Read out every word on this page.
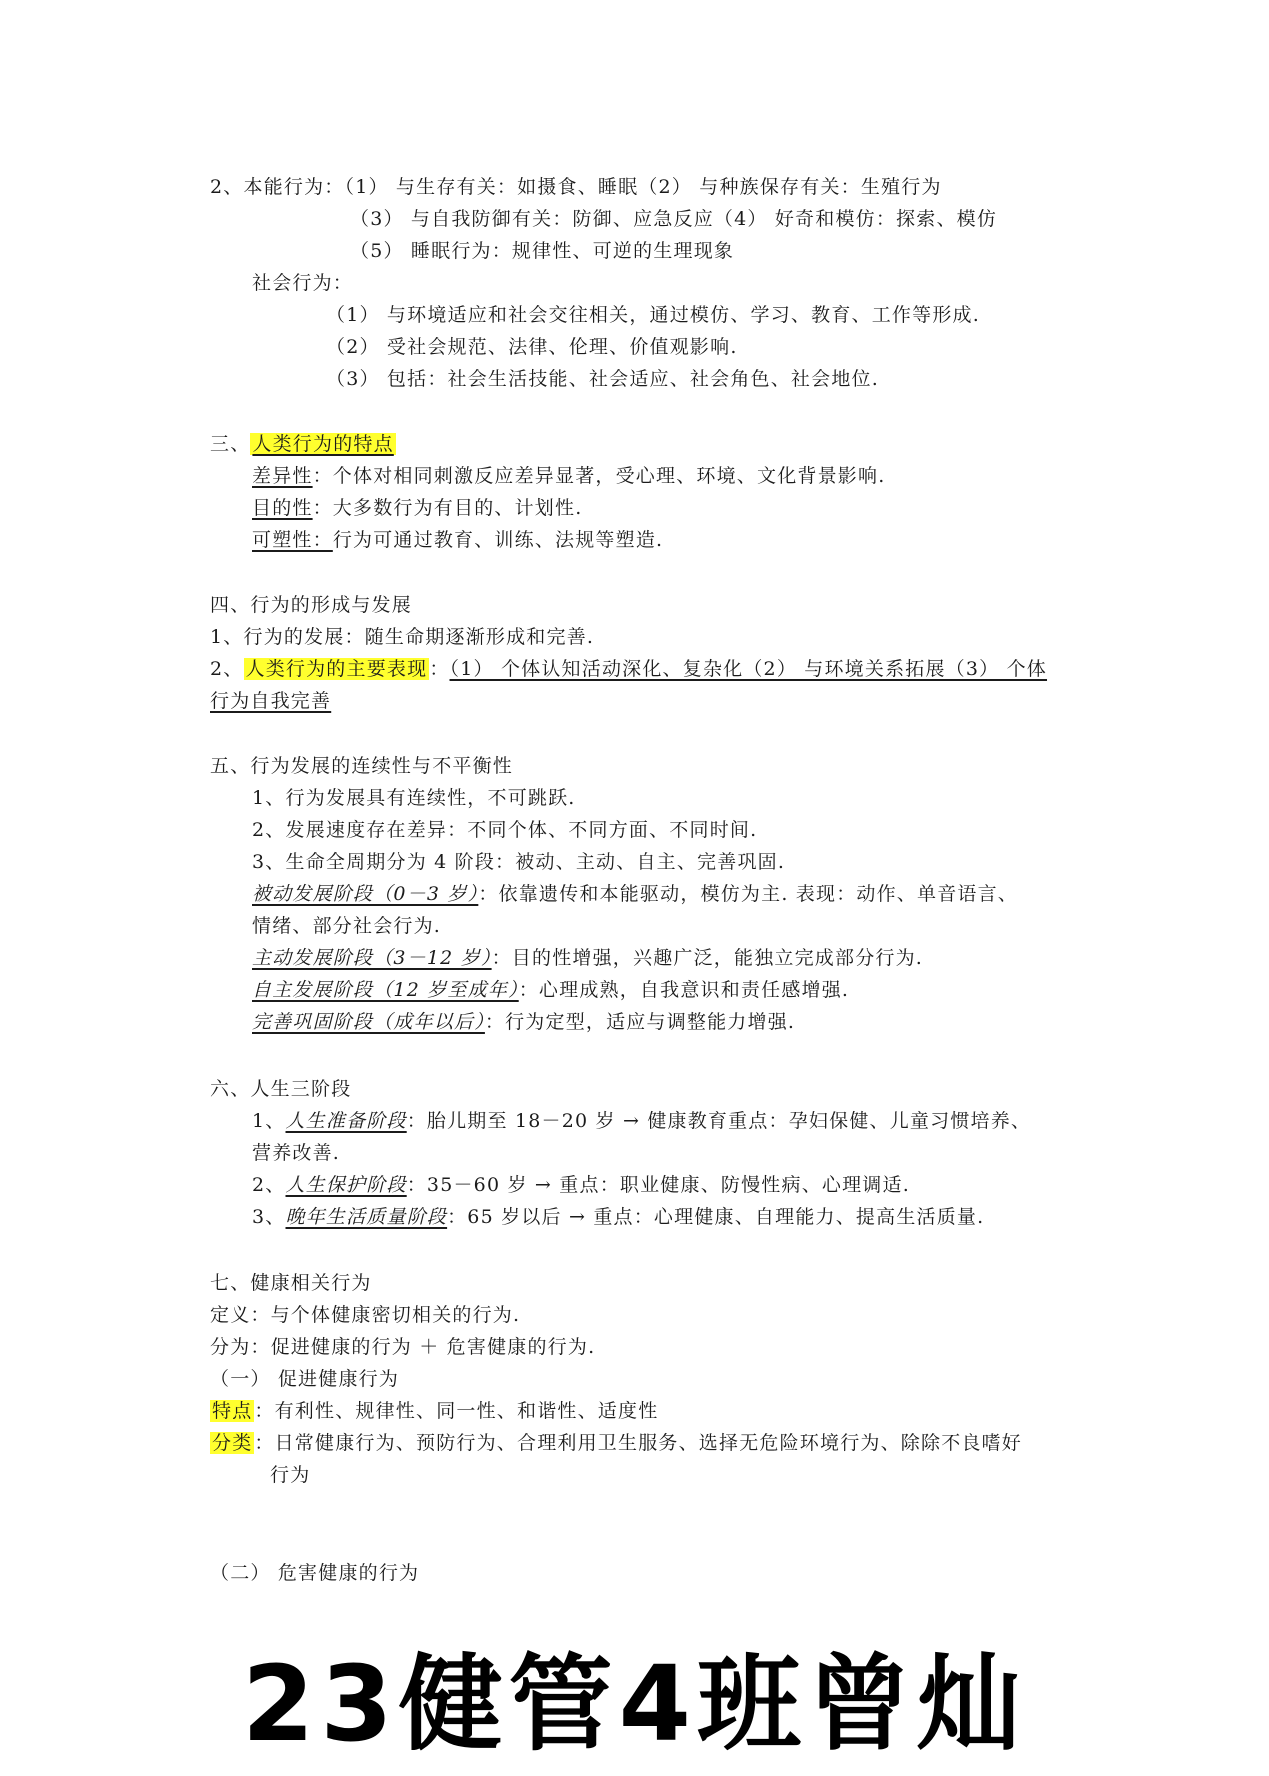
2、本能行为：（1） 与生存有关：如摄食、睡眠（2） 与种族保存有关：生殖行为
（3） 与自我防御有关：防御、应急反应（4） 好奇和模仿：探索、模仿
（5） 睡眠行为：规律性、可逆的生理现象
社会行为：
（1） 与环境适应和社会交往相关，通过模仿、学习、教育、工作等形成.
（2） 受社会规范、法律、伦理、价值观影响.
（3） 包括：社会生活技能、社会适应、社会角色、社会地位.
三、 人类行为的特点
差异性：个体对相同刺激反应差异显著，受心理、环境、文化背景影响.
目的性：大多数行为有目的、计划性.
可塑性：行为可通过教育、训练、法规等塑造.
四、行为的形成与发展
1、行为的发展：随生命期逐渐形成和完善.
2、 人类行为的主要表现 ：（1） 个体认知活动深化、复杂化（2） 与环境关系拓展（3） 个体
行为自我完善
五、行为发展的连续性与不平衡性
1、行为发展具有连续性，不可跳跃.
2、发展速度存在差异：不同个体、不同方面、不同时间.
3、生命全周期分为 4 阶段：被动、主动、自主、完善巩固.
被动发展阶段（0－3 岁）：依靠遗传和本能驱动，模仿为主. 表现：动作、单音语言、
情绪、部分社会行为.
主动发展阶段（3－12 岁）：目的性增强，兴趣广泛，能独立完成部分行为.
自主发展阶段（12 岁至成年）：心理成熟，自我意识和责任感增强.
完善巩固阶段（成年以后）：行为定型，适应与调整能力增强.
六、人生三阶段
1、人生准备阶段：胎儿期至 18－20 岁 → 健康教育重点：孕妇保健、儿童习惯培养、
营养改善.
2、人生保护阶段：35－60 岁 → 重点：职业健康、防慢性病、心理调适.
3、晚年生活质量阶段：65 岁以后 → 重点：心理健康、自理能力、提高生活质量.
七、健康相关行为
定义：与个体健康密切相关的行为.
分为：促进健康的行为 ＋ 危害健康的行为.
（一） 促进健康行为
特点 ：有利性、规律性、同一性、和谐性、适度性
分类 ：日常健康行为、预防行为、合理利用卫生服务、选择无危险环境行为、除除不良嗜好
行为
（二） 危害健康的行为
23健管4班曾灿
